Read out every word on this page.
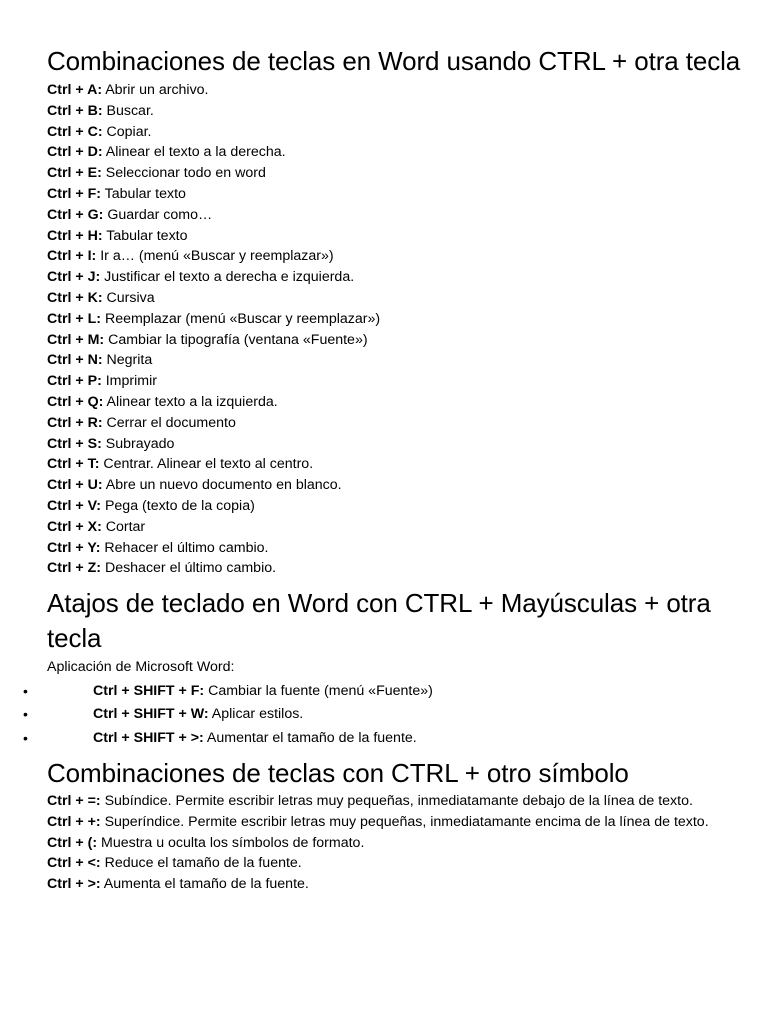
Combinaciones de teclas en Word usando CTRL + otra tecla
Ctrl + A: Abrir un archivo.
Ctrl + B: Buscar.
Ctrl + C: Copiar.
Ctrl + D: Alinear el texto a la derecha.
Ctrl + E: Seleccionar todo en word
Ctrl + F: Tabular texto
Ctrl + G: Guardar como…
Ctrl + H: Tabular texto
Ctrl + I: Ir a… (menú «Buscar y reemplazar»)
Ctrl + J: Justificar el texto a derecha e izquierda.
Ctrl + K: Cursiva
Ctrl + L: Reemplazar (menú «Buscar y reemplazar»)
Ctrl + M: Cambiar la tipografía (ventana «Fuente»)
Ctrl + N: Negrita
Ctrl + P: Imprimir
Ctrl + Q: Alinear texto a la izquierda.
Ctrl + R: Cerrar el documento
Ctrl + S: Subrayado
Ctrl + T: Centrar. Alinear el texto al centro.
Ctrl + U: Abre un nuevo documento en blanco.
Ctrl + V: Pega (texto de la copia)
Ctrl + X: Cortar
Ctrl + Y: Rehacer el último cambio.
Ctrl + Z: Deshacer el último cambio.
Atajos de teclado en Word con CTRL + Mayúsculas + otra tecla
Aplicación de Microsoft Word:
•	Ctrl + SHIFT + F: Cambiar la fuente (menú «Fuente»)
•	Ctrl + SHIFT + W: Aplicar estilos.
•	Ctrl + SHIFT + >: Aumentar el tamaño de la fuente.
Combinaciones de teclas con CTRL + otro símbolo
Ctrl + =: Subíndice. Permite escribir letras muy pequeñas, inmediatamante debajo de la línea de texto.
Ctrl + +: Superíndice. Permite escribir letras muy pequeñas, inmediatamante encima de la línea de texto.
Ctrl + (: Muestra u oculta los símbolos de formato.
Ctrl + <: Reduce el tamaño de la fuente.
Ctrl + >: Aumenta el tamaño de la fuente.
